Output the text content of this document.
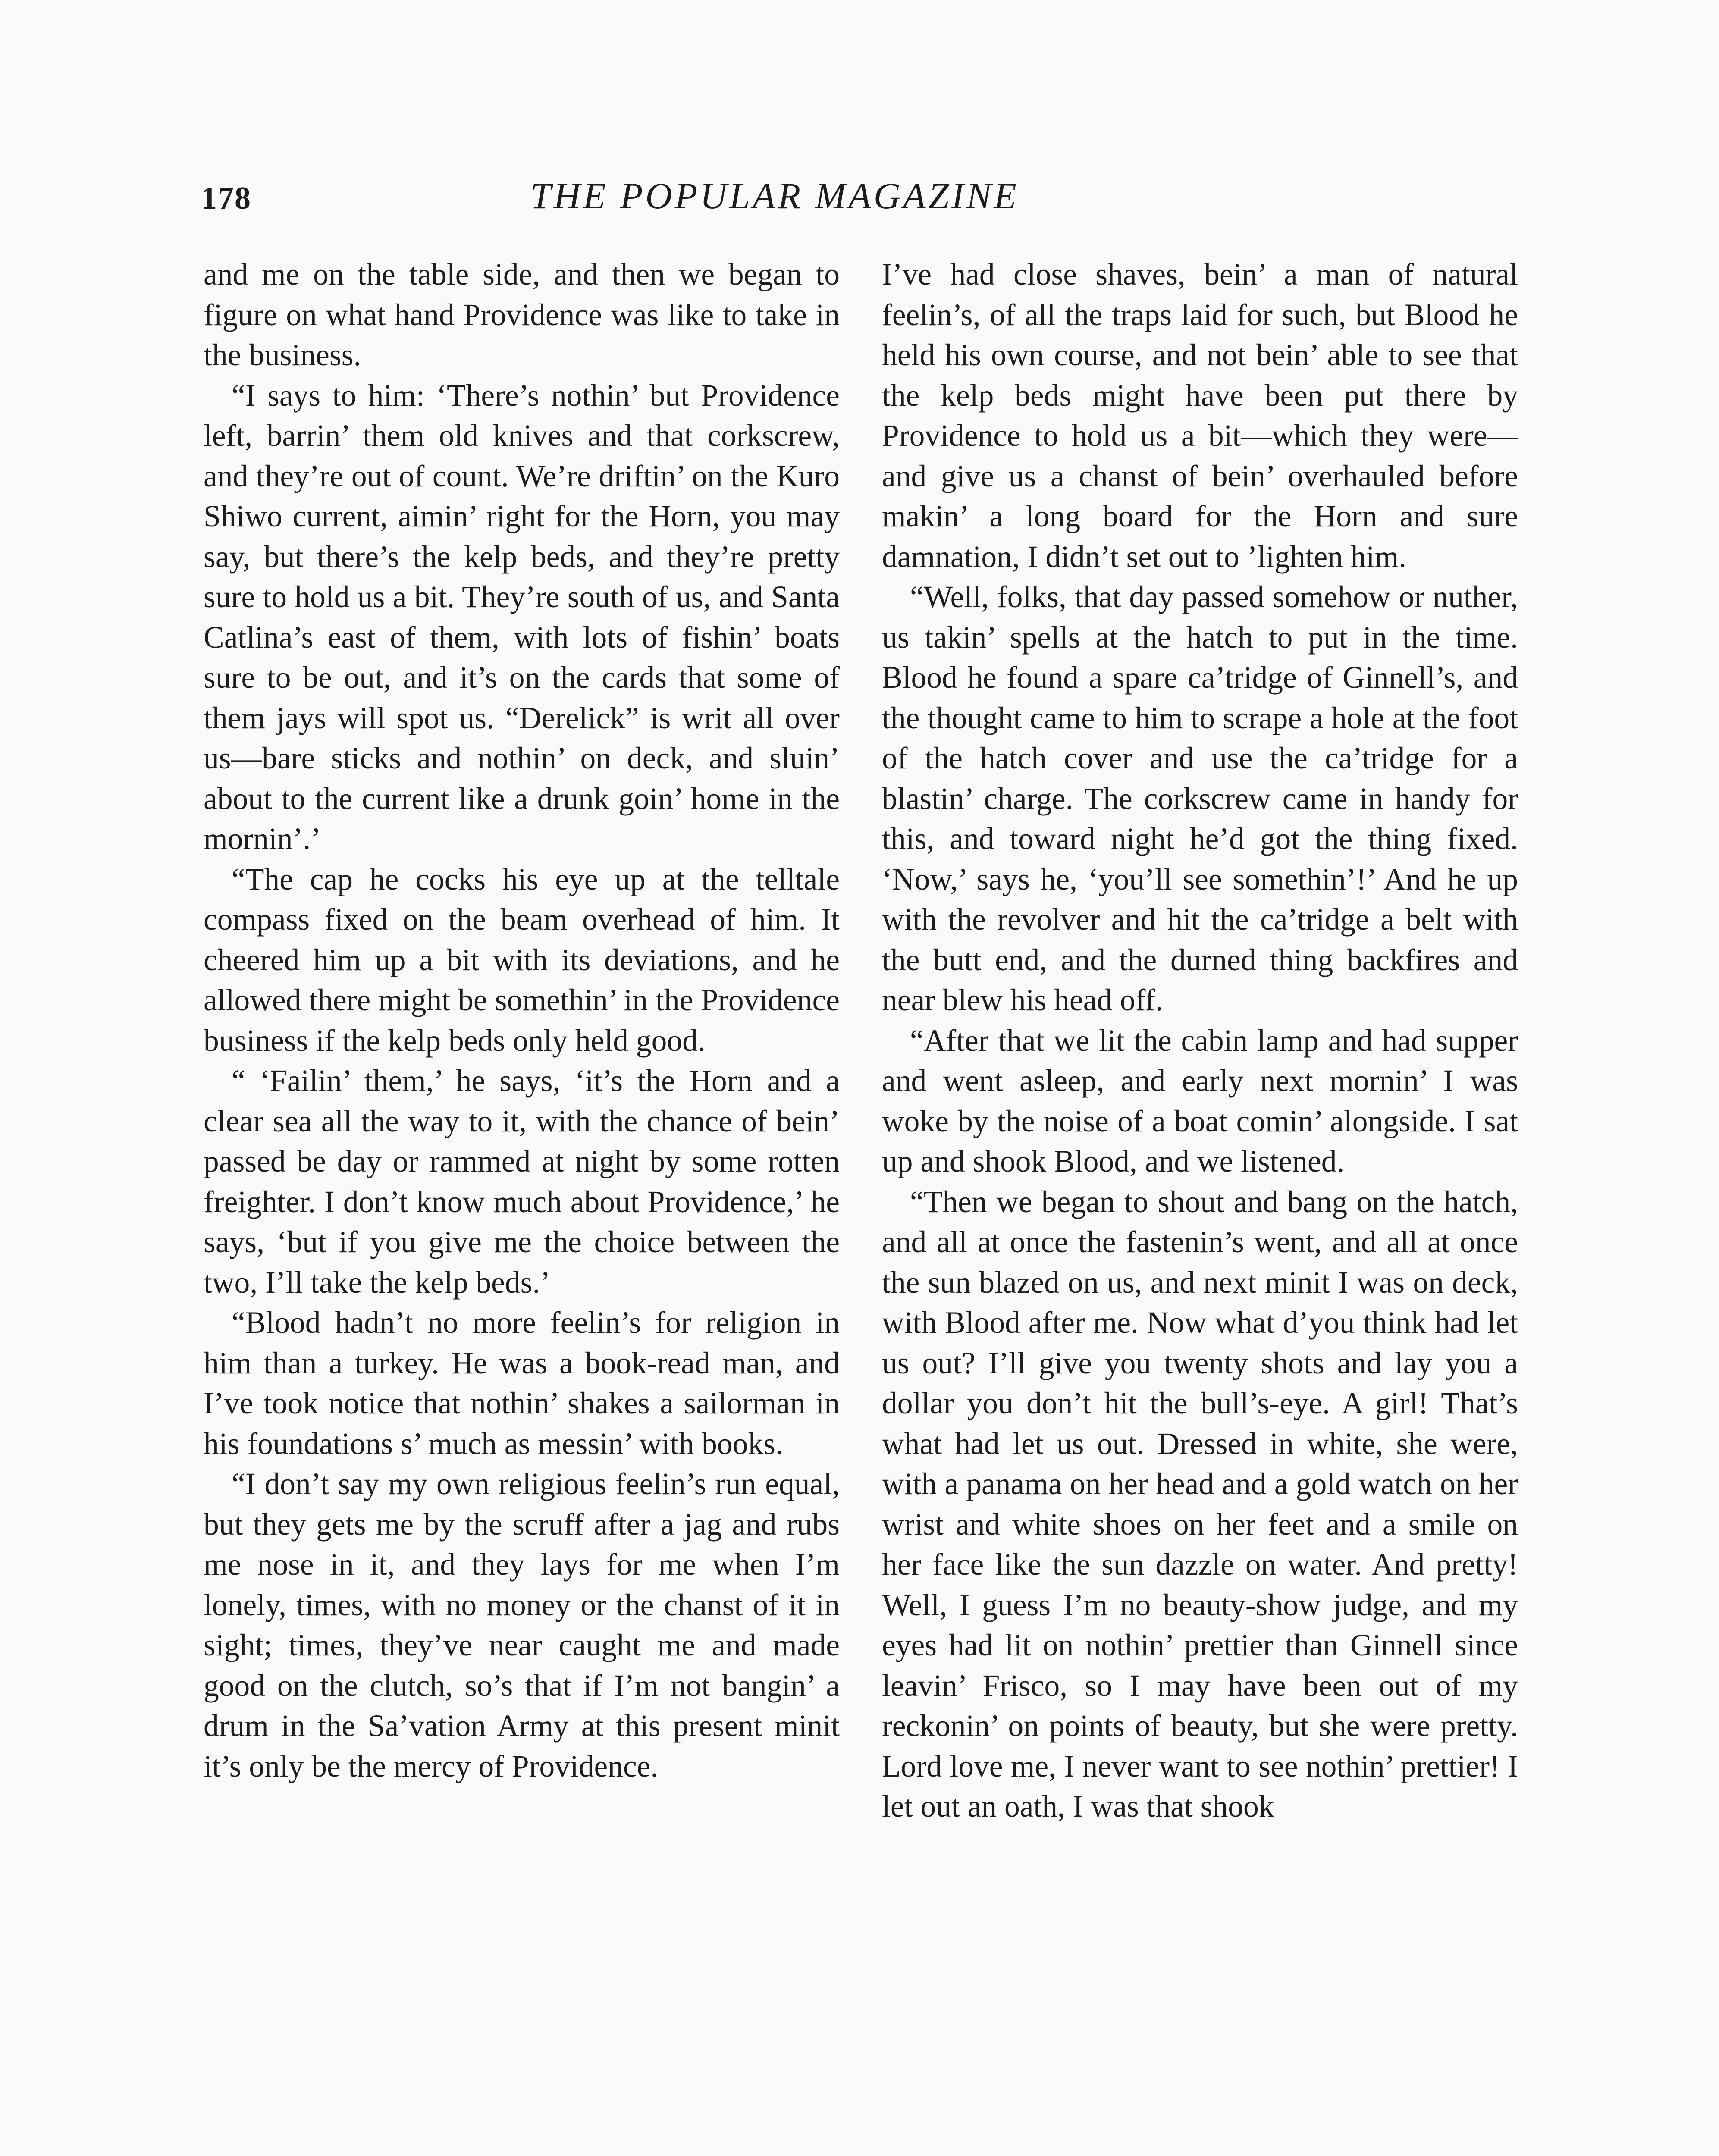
178	THE POPULAR MAGAZINE

and me on the table side, and then we began to figure on what hand Providence was like to take in the business.

“I says to him: ‘There’s nothin’ but Providence left, barrin’ them old knives and that corkscrew, and they’re out of count. We’re driftin’ on the Kuro Shiwo current, aimin’ right for the Horn, you may say, but there’s the kelp beds, and they’re pretty sure to hold us a bit. They’re south of us, and Santa Catlina’s east of them, with lots of fishin’ boats sure to be out, and it’s on the cards that some of them jays will spot us. “Derelick” is writ all over us—bare sticks and nothin’ on deck, and sluin’ about to the current like a drunk goin’ home in the mornin’.’

“The cap he cocks his eye up at the telltale compass fixed on the beam overhead of him. It cheered him up a bit with its deviations, and he allowed there might be somethin’ in the Providence business if the kelp beds only held good.

“ ‘Failin’ them,’ he says, ‘it’s the Horn and a clear sea all the way to it, with the chance of bein’ passed be day or rammed at night by some rotten freighter. I don’t know much about Providence,’ he says, ‘but if you give me the choice between the two, I’ll take the kelp beds.’

“Blood hadn’t no more feelin’s for religion in him than a turkey. He was a book-read man, and I’ve took notice that nothin’ shakes a sailorman in his foundations s’ much as messin’ with books.

“I don’t say my own religious feelin’s run equal, but they gets me by the scruff after a jag and rubs me nose in it, and they lays for me when I’m lonely, times, with no money or the chanst of it in sight; times, they’ve near caught me and made good on the clutch, so’s that if I’m not bangin’ a drum in the Sa’vation Army at this present minit it’s only be the mercy of Providence.

I’ve had close shaves, bein’ a man of natural feelin’s, of all the traps laid for such, but Blood he held his own course, and not bein’ able to see that the kelp beds might have been put there by Providence to hold us a bit—which they were—and give us a chanst of bein’ overhauled before makin’ a long board for the Horn and sure damnation, I didn’t set out to ’lighten him.

“Well, folks, that day passed somehow or nuther, us takin’ spells at the hatch to put in the time. Blood he found a spare ca’tridge of Ginnell’s, and the thought came to him to scrape a hole at the foot of the hatch cover and use the ca’tridge for a blastin’ charge. The corkscrew came in handy for this, and toward night he’d got the thing fixed. ‘Now,’ says he, ‘you’ll see somethin’!’ And he up with the revolver and hit the ca’tridge a belt with the butt end, and the durned thing backfires and near blew his head off.

“After that we lit the cabin lamp and had supper and went asleep, and early next mornin’ I was woke by the noise of a boat comin’ alongside. I sat up and shook Blood, and we listened.

“Then we began to shout and bang on the hatch, and all at once the fastenin’s went, and all at once the sun blazed on us, and next minit I was on deck, with Blood after me. Now what d’you think had let us out? I’ll give you twenty shots and lay you a dollar you don’t hit the bull’s-eye. A girl! That’s what had let us out. Dressed in white, she were, with a panama on her head and a gold watch on her wrist and white shoes on her feet and a smile on her face like the sun dazzle on water. And pretty! Well, I guess I’m no beauty-show judge, and my eyes had lit on nothin’ prettier than Ginnell since leavin’ Frisco, so I may have been out of my reckonin’ on points of beauty, but she were pretty. Lord love me, I never want to see nothin’ prettier! I let out an oath, I was that shook
